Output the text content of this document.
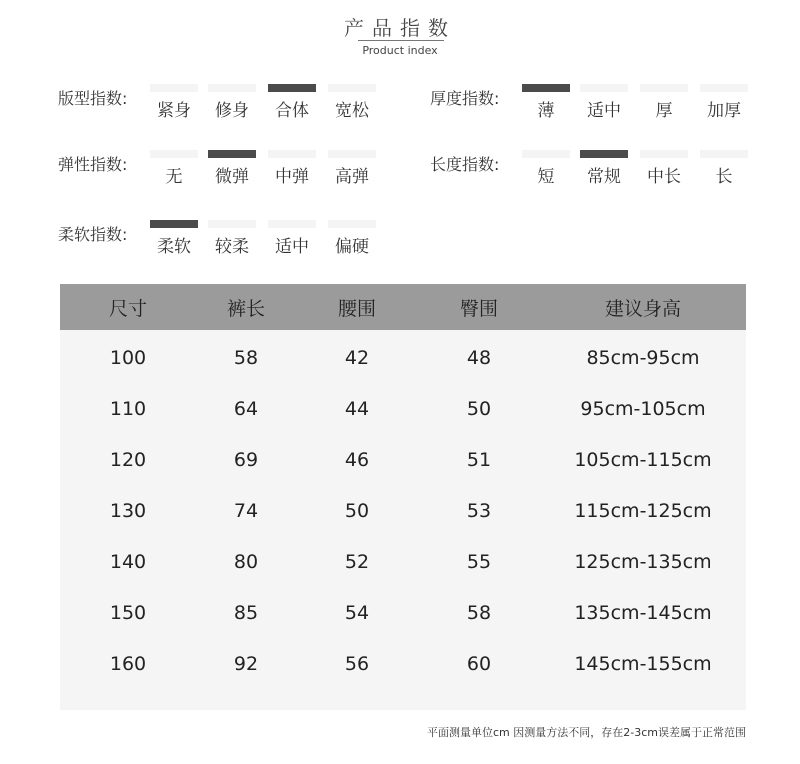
产品指数
Product index
版型指数:
紧身	修身	合体	宽松
厚度指数:
薄	适中	厚	加厚
弹性指数:
无	微弹	中弹	高弹
长度指数:
短	常规	中长	长
柔软指数:
柔软	较柔	适中	偏硬
尺寸	裤长	腰围	臀围	建议身高
100	58	42	48	85cm-95cm
110	64	44	50	95cm-105cm
120	69	46	51	105cm-115cm
130	74	50	53	115cm-125cm
140	80	52	55	125cm-135cm
150	85	54	58	135cm-145cm
160	92	56	60	145cm-155cm
平面测量单位cm 因测量方法不同，存在2-3cm误差属于正常范围
